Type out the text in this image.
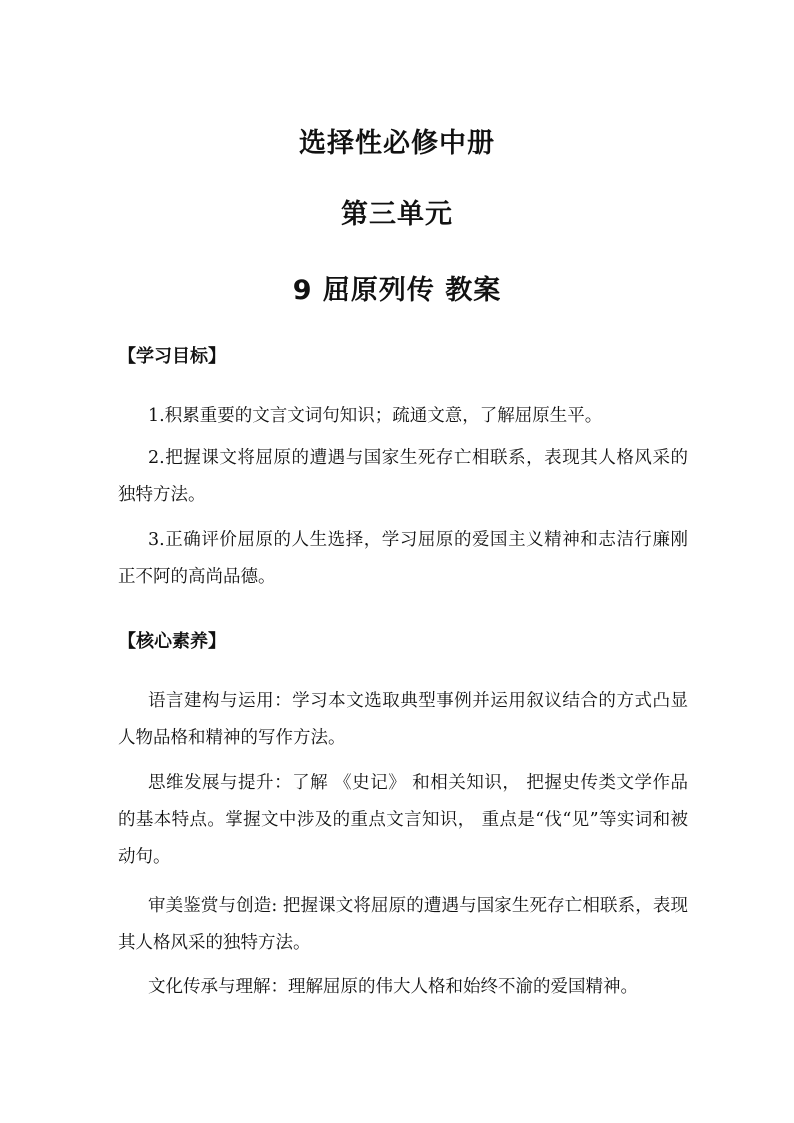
选择性必修中册
第三单元
9 屈原列传 教案
【学习目标】

1.积累重要的文言文词句知识；疏通文意，了解屈原生平。

2.把握课文将屈原的遭遇与国家生死存亡相联系，表现其人格风采的独特方法。

3.正确评价屈原的人生选择，学习屈原的爱国主义精神和志洁行廉刚正不阿的高尚品德。

【核心素养】

语言建构与运用：学习本文选取典型事例并运用叙议结合的方式凸显人物品格和精神的写作方法。

思维发展与提升：了解 《史记》 和相关知识， 把握史传类文学作品的基本特点。掌握文中涉及的重点文言知识， 重点是“伐“见”等实词和被动句。

审美鉴赏与创造: 把握课文将屈原的遭遇与国家生死存亡相联系，表现其人格风采的独特方法。

文化传承与理解：理解屈原的伟大人格和始终不渝的爱国精神。
